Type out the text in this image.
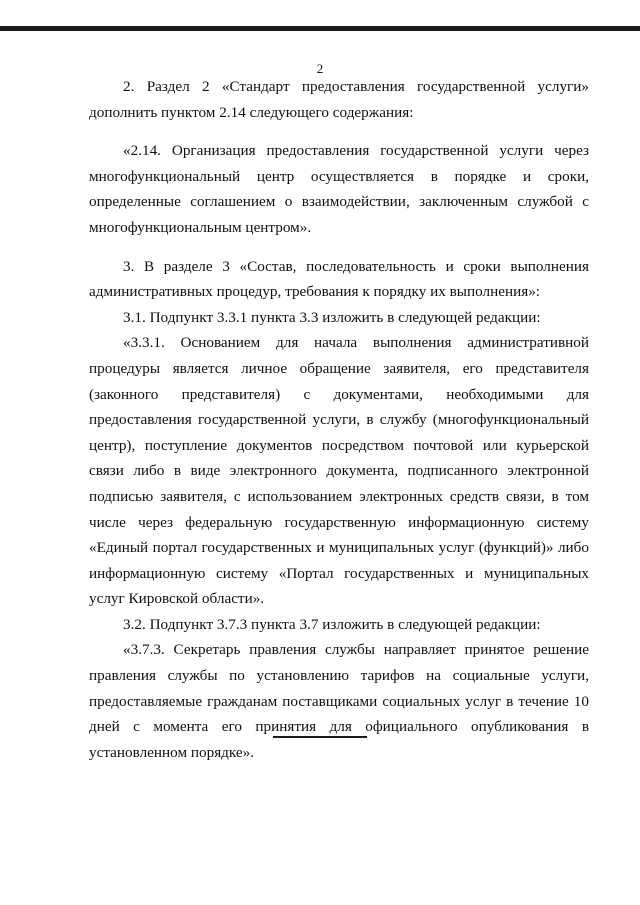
2

2. Раздел 2 «Стандарт предоставления государственной услуги» дополнить пунктом 2.14 следующего содержания:

«2.14. Организация предоставления государственной услуги через многофункциональный центр осуществляется в порядке и сроки, определенные соглашением о взаимодействии, заключенным службой с многофункциональным центром».

3. В разделе 3 «Состав, последовательность и сроки выполнения административных процедур, требования к порядку их выполнения»:

3.1. Подпункт 3.3.1 пункта 3.3 изложить в следующей редакции:

«3.3.1. Основанием для начала выполнения административной процедуры является личное обращение заявителя, его представителя (законного представителя) с документами, необходимыми для предоставления государственной услуги, в службу (многофункциональный центр), поступление документов посредством почтовой или курьерской связи либо в виде электронного документа, подписанного электронной подписью заявителя, с использованием электронных средств связи, в том числе через федеральную государственную информационную систему «Единый портал государственных и муниципальных услуг (функций)» либо информационную систему «Портал государственных и муниципальных услуг Кировской области».

3.2. Подпункт 3.7.3 пункта 3.7 изложить в следующей редакции:

«3.7.3. Секретарь правления службы направляет принятое решение правления службы по установлению тарифов на социальные услуги, предоставляемые гражданам поставщиками социальных услуг в течение 10 дней с момента его принятия для официального опубликования в установленном порядке».
